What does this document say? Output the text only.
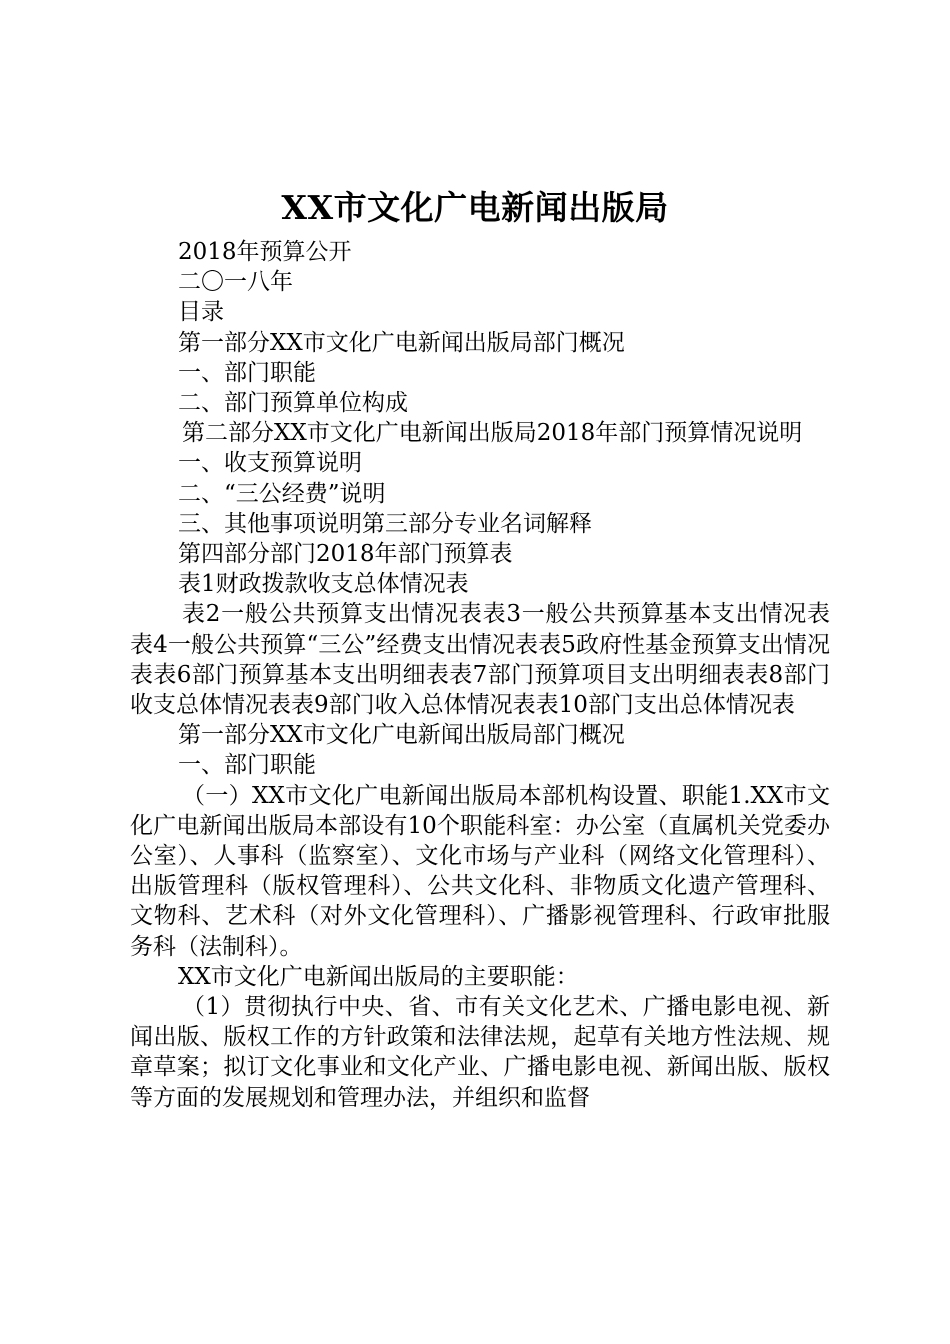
XX市文化广电新闻出版局

2018年预算公开

二〇一八年

目录

第一部分XX市文化广电新闻出版局部门概况

一、部门职能

二、部门预算单位构成

第二部分XX市文化广电新闻出版局2018年部门预算情况说明

一、收支预算说明

二、“三公经费”说明

三、其他事项说明第三部分专业名词解释

第四部分部门2018年部门预算表

表1财政拨款收支总体情况表

表2一般公共预算支出情况表表3一般公共预算基本支出情况表表4一般公共预算“三公”经费支出情况表表5政府性基金预算支出情况表表6部门预算基本支出明细表表7部门预算项目支出明细表表8部门收支总体情况表表9部门收入总体情况表表10部门支出总体情况表

第一部分XX市文化广电新闻出版局部门概况

一、部门职能

（一）XX市文化广电新闻出版局本部机构设置、职能1.XX市文化广电新闻出版局本部设有10个职能科室：办公室（直属机关党委办公室）、人事科（监察室）、文化市场与产业科（网络文化管理科）、出版管理科（版权管理科）、公共文化科、非物质文化遗产管理科、文物科、艺术科（对外文化管理科）、广播影视管理科、行政审批服务科（法制科）。

XX市文化广电新闻出版局的主要职能：

（1）贯彻执行中央、省、市有关文化艺术、广播电影电视、新闻出版、版权工作的方针政策和法律法规，起草有关地方性法规、规章草案；拟订文化事业和文化产业、广播电影电视、新闻出版、版权等方面的发展规划和管理办法，并组织和监督
